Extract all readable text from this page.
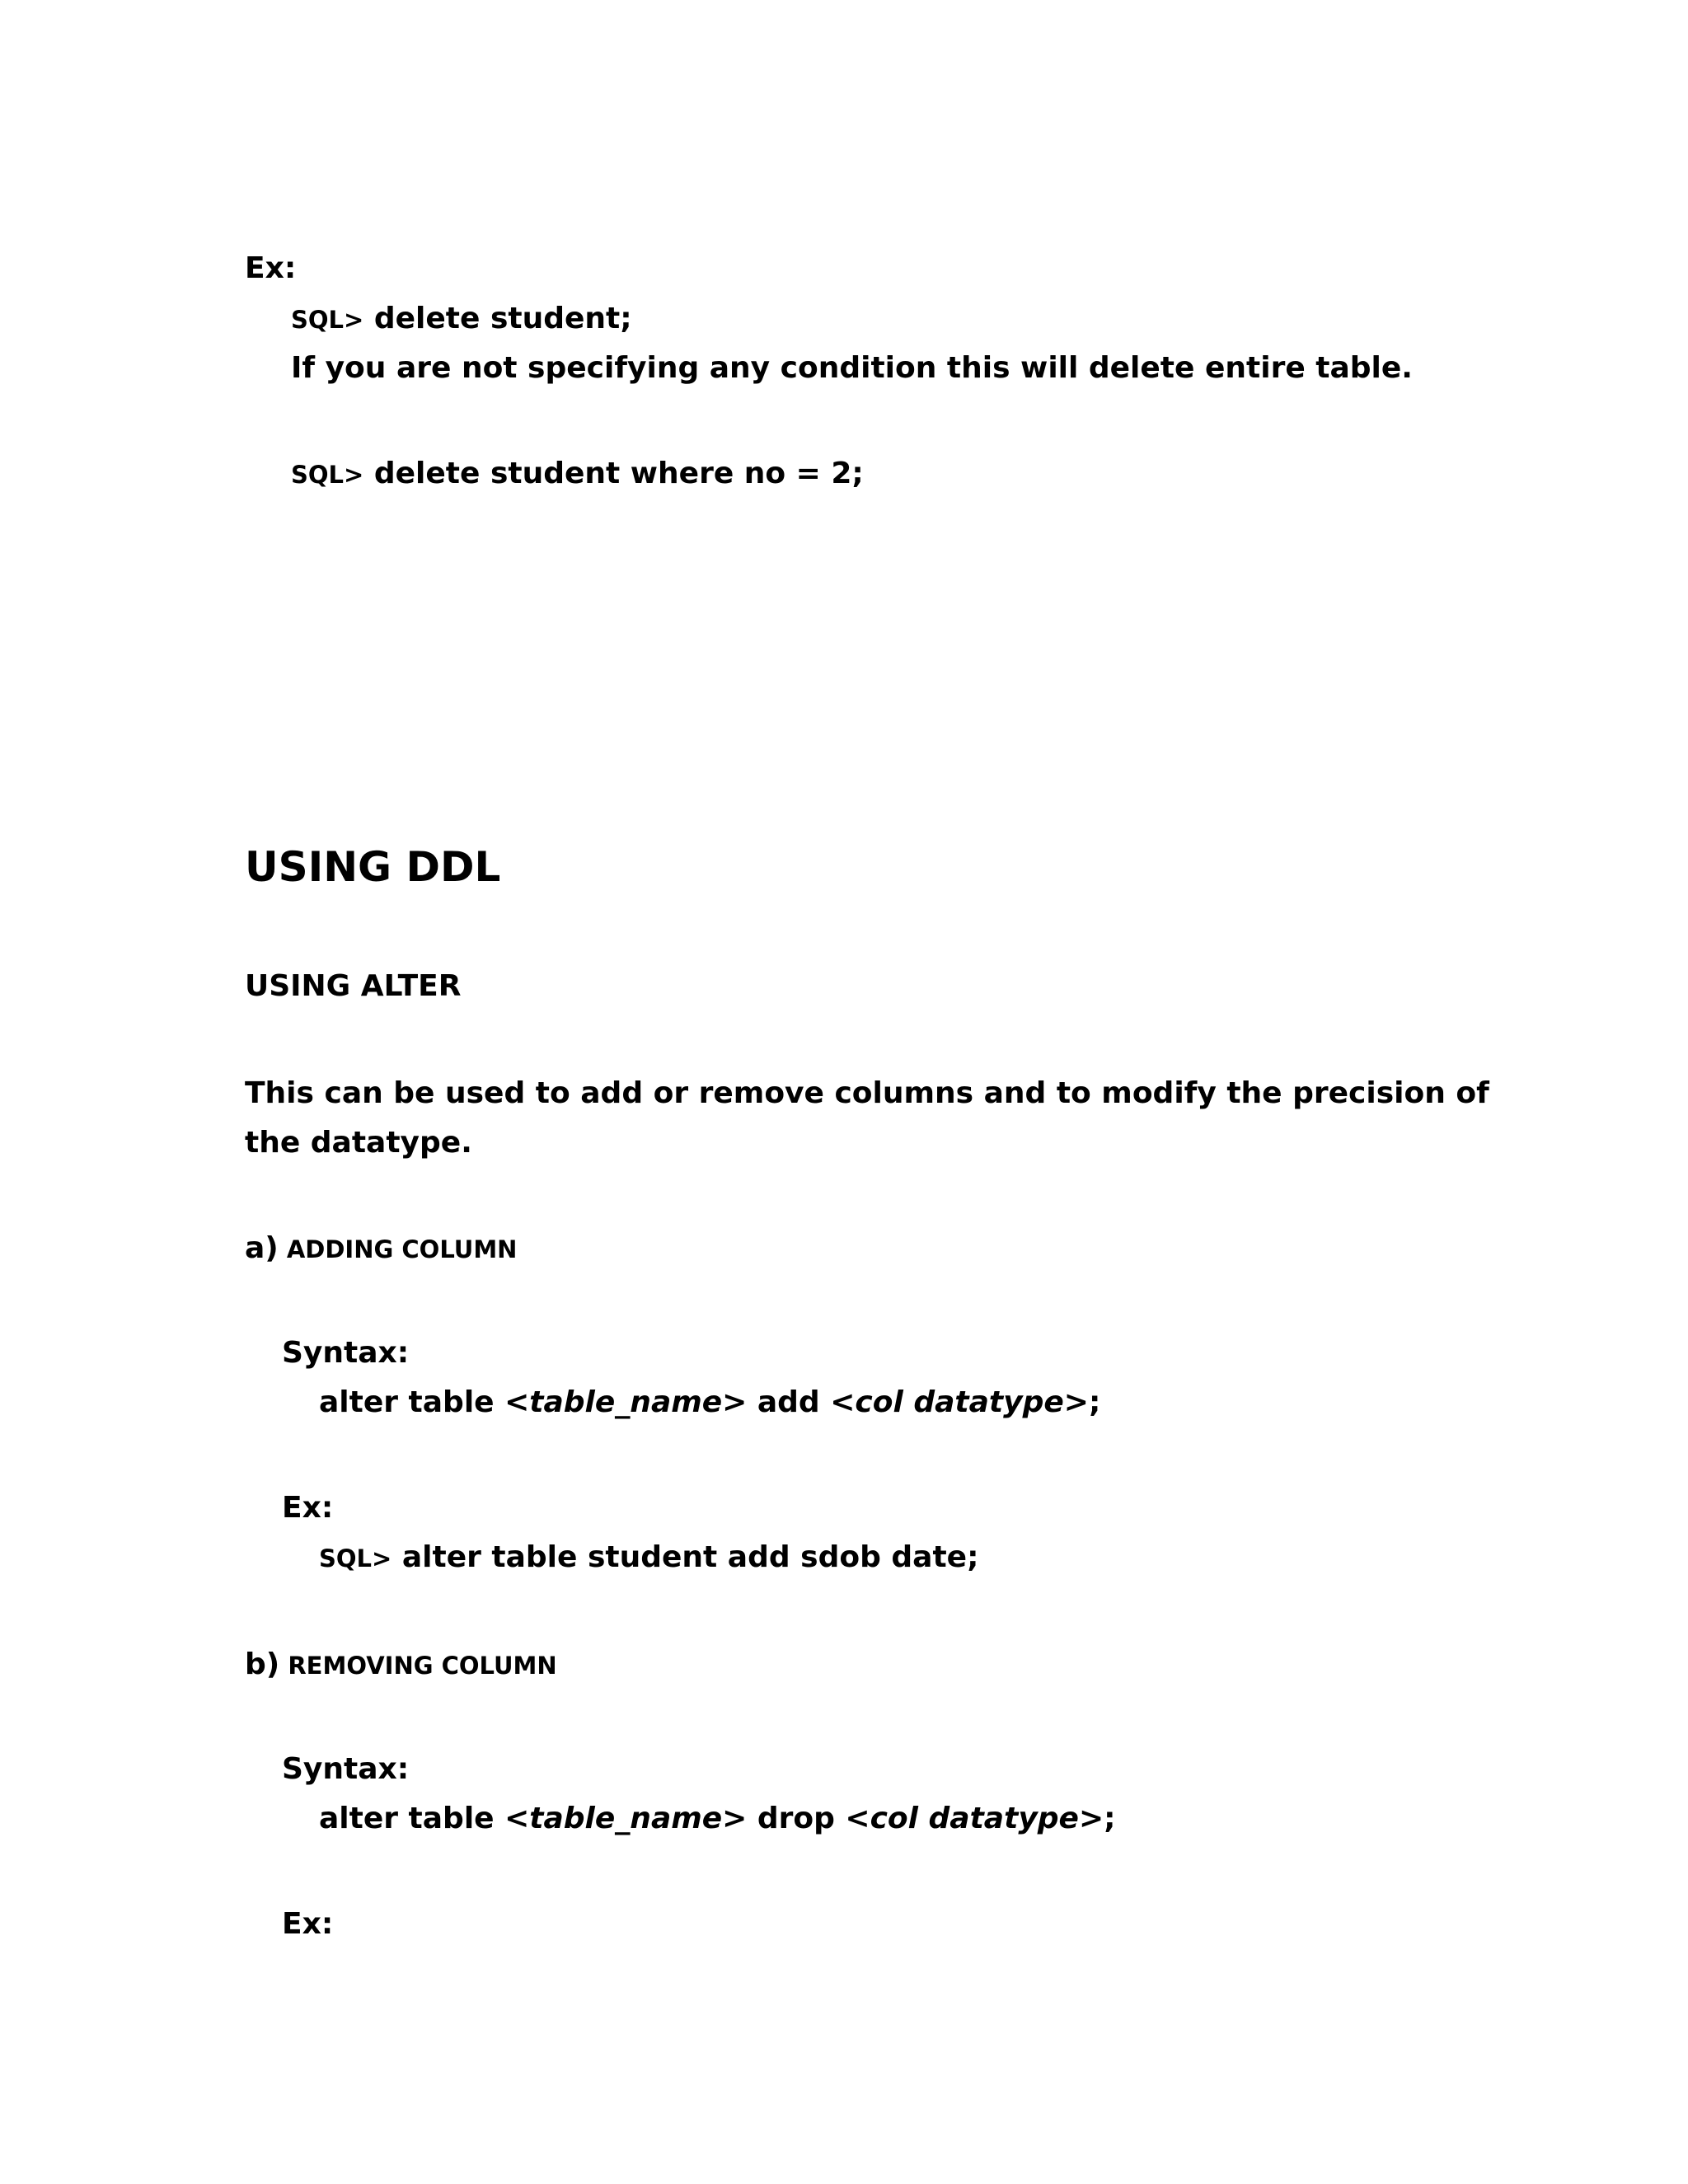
Ex:
SQL> delete student;
If you are not specifying any condition this will delete entire table.
SQL> delete student where no = 2;
USING DDL
USING ALTER
This can be used to add or remove columns and to modify the precision of
the datatype.
a) ADDING COLUMN
Syntax:
alter table <table_name> add <col datatype>;
Ex:
SQL> alter table student add sdob date;
b) REMOVING COLUMN
Syntax:
alter table <table_name> drop <col datatype>;
Ex:
